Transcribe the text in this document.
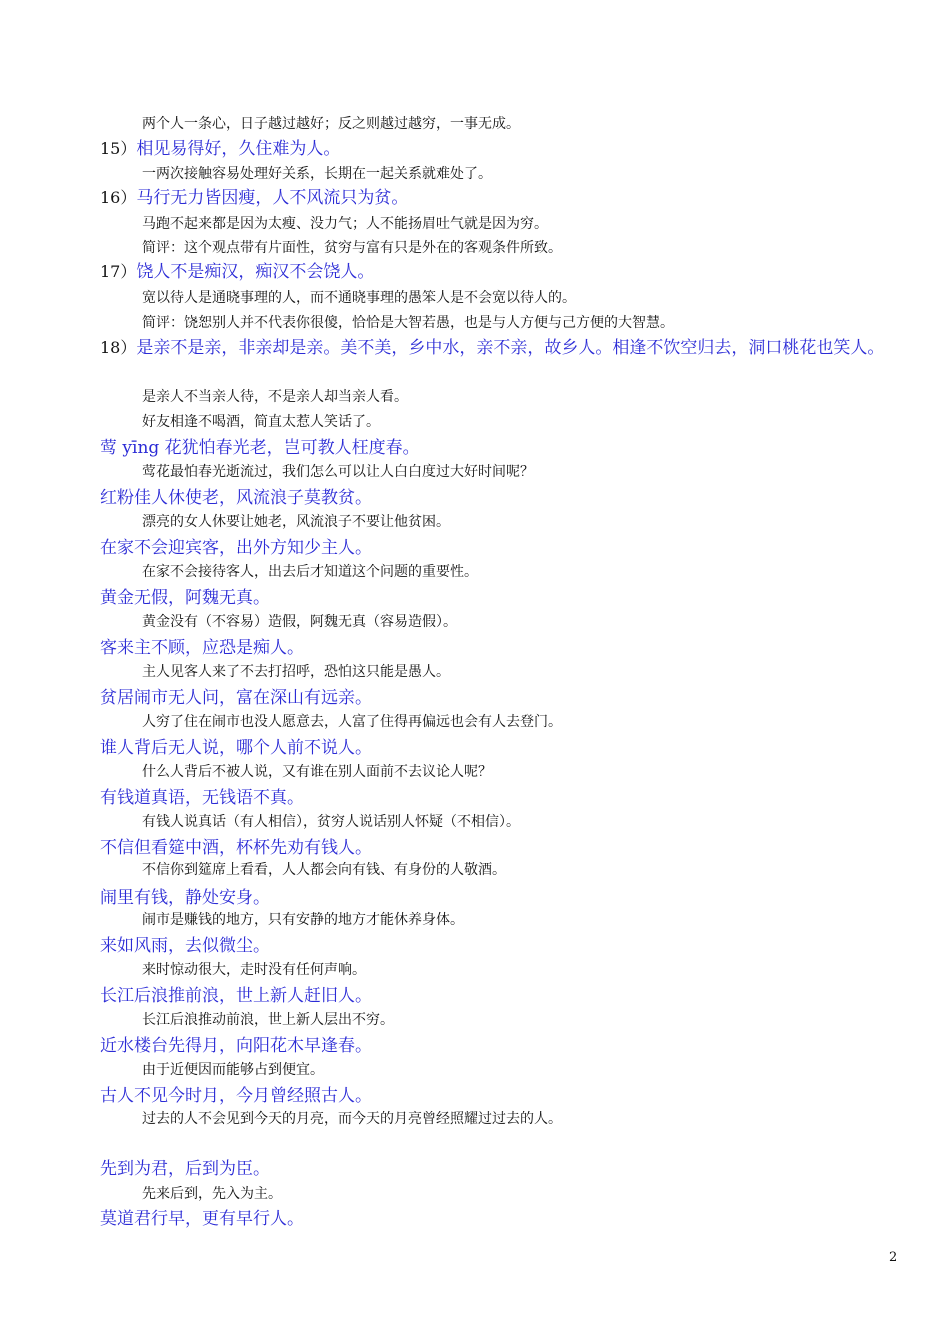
两个人一条心，日子越过越好；反之则越过越穷，一事无成。
15）相见易得好，久住难为人。
一两次接触容易处理好关系，长期在一起关系就难处了。
16）马行无力皆因瘦，人不风流只为贫。
马跑不起来都是因为太瘦、没力气；人不能扬眉吐气就是因为穷。
简评：这个观点带有片面性，贫穷与富有只是外在的客观条件所致。
17）饶人不是痴汉，痴汉不会饶人。
宽以待人是通晓事理的人，而不通晓事理的愚笨人是不会宽以待人的。
简评：饶恕别人并不代表你很傻，恰恰是大智若愚，也是与人方便与己方便的大智慧。
18）是亲不是亲，非亲却是亲。美不美，乡中水，亲不亲，故乡人。相逢不饮空归去，洞口桃花也笑人。
是亲人不当亲人待，不是亲人却当亲人看。
好友相逢不喝酒，简直太惹人笑话了。
莺 yīng 花犹怕春光老，岂可教人枉度春。
莺花最怕春光逝流过，我们怎么可以让人白白度过大好时间呢？
红粉佳人休使老，风流浪子莫教贫。
漂亮的女人休要让她老，风流浪子不要让他贫困。
在家不会迎宾客，出外方知少主人。
在家不会接待客人，出去后才知道这个问题的重要性。
黄金无假，阿魏无真。
黄金没有（不容易）造假，阿魏无真（容易造假）。
客来主不顾，应恐是痴人。
主人见客人来了不去打招呼，恐怕这只能是愚人。
贫居闹市无人问，富在深山有远亲。
人穷了住在闹市也没人愿意去，人富了住得再偏远也会有人去登门。
谁人背后无人说，哪个人前不说人。
什么人背后不被人说，又有谁在别人面前不去议论人呢？
有钱道真语，无钱语不真。
有钱人说真话（有人相信），贫穷人说话别人怀疑（不相信）。
不信但看筵中酒，杯杯先劝有钱人。
不信你到筵席上看看，人人都会向有钱、有身份的人敬酒。
闹里有钱，静处安身。
闹市是赚钱的地方，只有安静的地方才能休养身体。
来如风雨，去似微尘。
来时惊动很大，走时没有任何声响。
长江后浪推前浪，世上新人赶旧人。
长江后浪推动前浪，世上新人层出不穷。
近水楼台先得月，向阳花木早逢春。
由于近便因而能够占到便宜。
古人不见今时月，今月曾经照古人。
过去的人不会见到今天的月亮，而今天的月亮曾经照耀过过去的人。
先到为君，后到为臣。
先来后到，先入为主。
莫道君行早，更有早行人。
2
